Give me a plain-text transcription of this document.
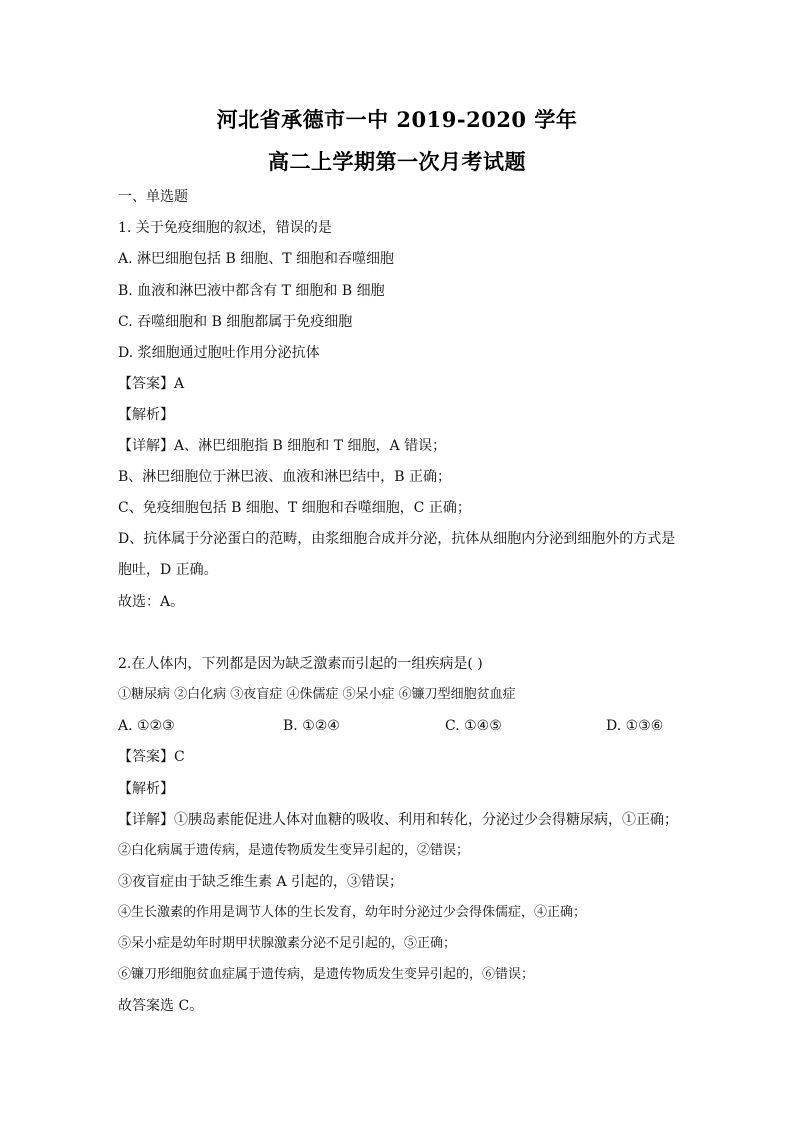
河北省承德市一中 2019-2020 学年
高二上学期第一次月考试题
一、单选题
1. 关于免疫细胞的叙述，错误的是
A. 淋巴细胞包括 B 细胞、T 细胞和吞噬细胞
B. 血液和淋巴液中都含有 T 细胞和 B 细胞
C. 吞噬细胞和 B 细胞都属于免疫细胞
D. 浆细胞通过胞吐作用分泌抗体
【答案】A
【解析】
【详解】A、淋巴细胞指 B 细胞和 T 细胞，A 错误；
B、淋巴细胞位于淋巴液、血液和淋巴结中，B 正确；
C、免疫细胞包括 B 细胞、T 细胞和吞噬细胞，C 正确；
D、抗体属于分泌蛋白的范畴，由浆细胞合成并分泌，抗体从细胞内分泌到细胞外的方式是
胞吐，D 正确。
故选：A。
2.在人体内，下列都是因为缺乏激素而引起的一组疾病是( )
①糖尿病 ②白化病 ③夜盲症 ④侏儒症 ⑤呆小症 ⑥镰刀型细胞贫血症
A. ①②③	B. ①②④	C. ①④⑤	D. ①③⑥
【答案】C
【解析】
【详解】①胰岛素能促进人体对血糖的吸收、利用和转化，分泌过少会得糖尿病，①正确；
②白化病属于遗传病，是遗传物质发生变异引起的，②错误；
③夜盲症由于缺乏维生素 A 引起的，③错误；
④生长激素的作用是调节人体的生长发育，幼年时分泌过少会得侏儒症，④正确；
⑤呆小症是幼年时期甲状腺激素分泌不足引起的，⑤正确；
⑥镰刀形细胞贫血症属于遗传病，是遗传物质发生变异引起的，⑥错误；
故答案选 C。
